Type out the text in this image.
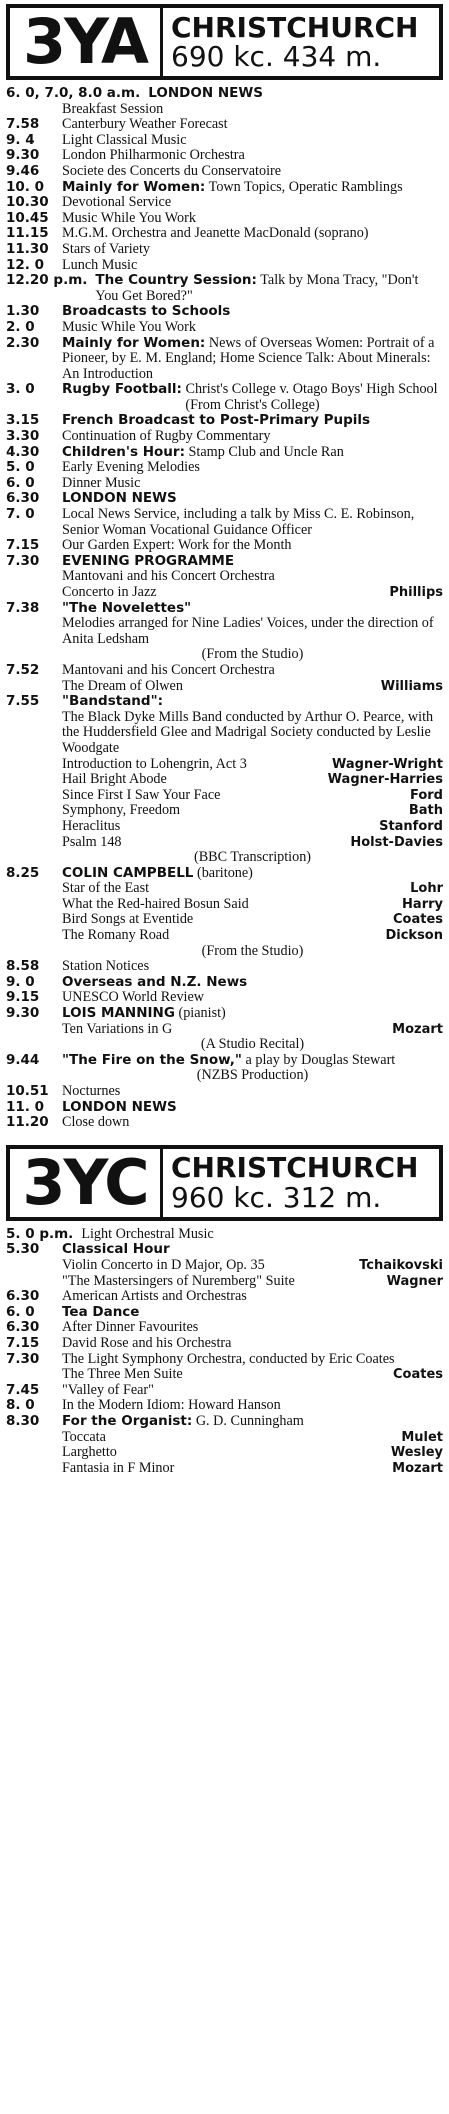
3YA CHRISTCHURCH
690 kc. 434 m.
6. 0, 7.0, 8.0 a.m. LONDON NEWS
Breakfast Session
7.58	Canterbury Weather Forecast
9. 4	Light Classical Music
9.30	London Philharmonic Orchestra
9.46	Societe des Concerts du Conservatoire
10. 0	Mainly for Women: Town Topics, Operatic Ramblings
10.30 Devotional Service
10.45 Music While You Work
11.15 M.G.M. Orchestra and Jeanette MacDonald (soprano)
11.30 Stars of Variety
12. 0	Lunch Music
12.20 p.m. The Country Session: Talk by Mona Tracy, "Don't You Get Bored?"
1.30	Broadcasts to Schools
2. 0	Music While You Work
2.30	Mainly for Women: News of Overseas Women: Portrait of a Pioneer, by E. M. England; Home Science Talk: About Minerals: An Introduction
3. 0	Rugby Football: Christ's College v. Otago Boys' High School
(From Christ's College)
3.15	French Broadcast to Post-Primary Pupils
3.30	Continuation of Rugby Commentary
4.30	Children's Hour: Stamp Club and Uncle Ran
5. 0	Early Evening Melodies
6. 0	Dinner Music
6.30	LONDON NEWS
7. 0	Local News Service, including a talk by Miss C. E. Robinson, Senior Woman Vocational Guidance Officer
7.15	Our Garden Expert: Work for the Month
7.30	EVENING PROGRAMME
Mantovani and his Concert Orchestra
Concerto in Jazz	Phillips
7.38	"The Novelettes"
Melodies arranged for Nine Ladies' Voices, under the direction of Anita Ledsham
(From the Studio)
7.52	Mantovani and his Concert Orchestra
The Dream of Olwen	Williams
7.55	"Bandstand":
The Black Dyke Mills Band conducted by Arthur O. Pearce, with the Huddersfield Glee and Madrigal Society conducted by Leslie Woodgate
Introduction to Lohengrin, Act 3	Wagner-Wright
Hail Bright Abode	Wagner-Harries
Since First I Saw Your Face	Ford
Symphony, Freedom	Bath
Heraclitus	Stanford
Psalm 148	Holst-Davies
(BBC Transcription)
8.25	COLIN CAMPBELL (baritone)
Star of the East	Lohr
What the Red-haired Bosun Said	Harry
Bird Songs at Eventide	Coates
The Romany Road	Dickson
(From the Studio)
8.58	Station Notices
9. 0	Overseas and N.Z. News
9.15	UNESCO World Review
9.30	LOIS MANNING (pianist)
Ten Variations in G	Mozart
(A Studio Recital)
9.44	"The Fire on the Snow," a play by Douglas Stewart
(NZBS Production)
10.51 Nocturnes
11. 0	LONDON NEWS
11.20 Close down
3YC CHRISTCHURCH
960 kc. 312 m.
5. 0 p.m. Light Orchestral Music
5.30	Classical Hour
Violin Concerto in D Major, Op. 35	Tchaikovski
"The Mastersingers of Nuremberg" Suite	Wagner
6.30	American Artists and Orchestras
6. 0	Tea Dance
6.30	After Dinner Favourites
7.15	David Rose and his Orchestra
7.30	The Light Symphony Orchestra, conducted by Eric Coates
The Three Men Suite	Coates
7.45	"Valley of Fear"
8. 0	In the Modern Idiom: Howard Hanson
8.30	For the Organist: G. D. Cunningham
Toccata	Mulet
Larghetto	Wesley
Fantasia in F Minor	Mozart
